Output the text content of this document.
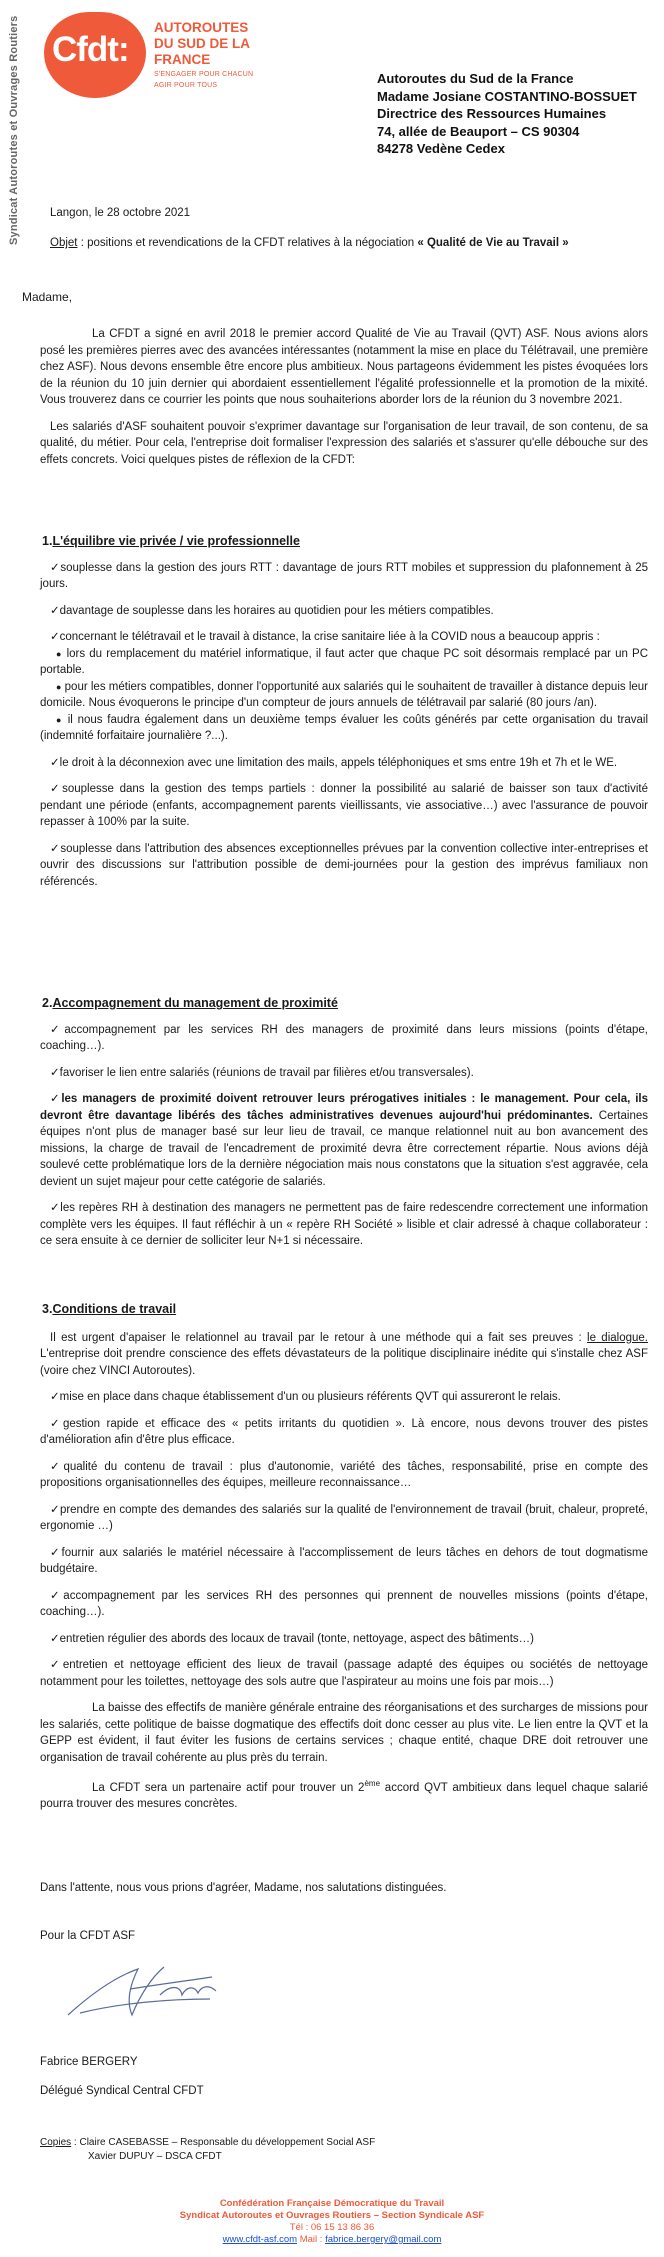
Syndicat Autoroutes et Ouvrages Routiers Cfdt:
AUTOROUTES
DU SUD DE LA FRANCE
S'ENGAGER POUR CHACUN
AGIR POUR TOUS	Autoroutes du Sud de la France
Madame Josiane COSTANTINO-BOSSUET
Directrice des Ressources Humaines
74, allée de Beauport – CS 90304
84278 Vedène Cedex
Langon, le 28 octobre 2021
Objet : positions et revendications de la CFDT relatives à la négociation « Qualité de Vie au Travail »
Madame,

La CFDT a signé en avril 2018 le premier accord Qualité de Vie au Travail (QVT) ASF. Nous avions alors posé les premières pierres avec des avancées intéressantes (notamment la mise en place du Télétravail, une première chez ASF). Nous devons ensemble être encore plus ambitieux. Nous partageons évidemment les pistes évoquées lors de la réunion du 10 juin dernier qui abordaient essentiellement l'égalité professionnelle et la promotion de la mixité. Vous trouverez dans ce courrier les points que nous souhaiterions aborder lors de la réunion du 3 novembre 2021.

Les salariés d'ASF souhaitent pouvoir s'exprimer davantage sur l'organisation de leur travail, de son contenu, de sa qualité, du métier. Pour cela, l'entreprise doit formaliser l'expression des salariés et s'assurer qu'elle débouche sur des effets concrets. Voici quelques pistes de réflexion de la CFDT:

1.L'équilibre vie privée / vie professionnelle

✓souplesse dans la gestion des jours RTT : davantage de jours RTT mobiles et suppression du plafonnement à 25 jours.

✓davantage de souplesse dans les horaires au quotidien pour les métiers compatibles.

✓concernant le télétravail et le travail à distance, la crise sanitaire liée à la COVID nous a beaucoup appris :

● lors du remplacement du matériel informatique, il faut acter que chaque PC soit désormais remplacé par un PC portable.

● pour les métiers compatibles, donner l'opportunité aux salariés qui le souhaitent de travailler à distance depuis leur domicile. Nous évoquerons le principe d'un compteur de jours annuels de télétravail par salarié (80 jours /an).

● il nous faudra également dans un deuxième temps évaluer les coûts générés par cette organisation du travail (indemnité forfaitaire journalière ?...).

✓le droit à la déconnexion avec une limitation des mails, appels téléphoniques et sms entre 19h et 7h et le WE.

✓souplesse dans la gestion des temps partiels : donner la possibilité au salarié de baisser son taux d'activité pendant une période (enfants, accompagnement parents vieillissants, vie associative…) avec l'assurance de pouvoir repasser à 100% par la suite.

✓souplesse dans l'attribution des absences exceptionnelles prévues par la convention collective inter-entreprises et ouvrir des discussions sur l'attribution possible de demi-journées pour la gestion des imprévus familiaux non référencés.

2.Accompagnement du management de proximité

✓accompagnement par les services RH des managers de proximité dans leurs missions (points d'étape, coaching…).

✓favoriser le lien entre salariés (réunions de travail par filières et/ou transversales).

✓les managers de proximité doivent retrouver leurs prérogatives initiales : le management. Pour cela, ils devront être davantage libérés des tâches administratives devenues aujourd'hui prédominantes. Certaines équipes n'ont plus de manager basé sur leur lieu de travail, ce manque relationnel nuit au bon avancement des missions, la charge de travail de l'encadrement de proximité devra être correctement répartie. Nous avions déjà soulevé cette problématique lors de la dernière négociation mais nous constatons que la situation s'est aggravée, cela devient un sujet majeur pour cette catégorie de salariés.

✓les repères RH à destination des managers ne permettent pas de faire redescendre correctement une information complète vers les équipes. Il faut réfléchir à un « repère RH Société » lisible et clair adressé à chaque collaborateur : ce sera ensuite à ce dernier de solliciter leur N+1 si nécessaire.

3.Conditions de travail

Il est urgent d'apaiser le relationnel au travail par le retour à une méthode qui a fait ses preuves : le dialogue. L'entreprise doit prendre conscience des effets dévastateurs de la politique disciplinaire inédite qui s'installe chez ASF (voire chez VINCI Autoroutes).

✓mise en place dans chaque établissement d'un ou plusieurs référents QVT qui assureront le relais.

✓gestion rapide et efficace des « petits irritants du quotidien ». Là encore, nous devons trouver des pistes d'amélioration afin d'être plus efficace.

✓qualité du contenu de travail : plus d'autonomie, variété des tâches, responsabilité, prise en compte des propositions organisationnelles des équipes, meilleure reconnaissance…

✓prendre en compte des demandes des salariés sur la qualité de l'environnement de travail (bruit, chaleur, propreté, ergonomie …)

✓fournir aux salariés le matériel nécessaire à l'accomplissement de leurs tâches en dehors de tout dogmatisme budgétaire.

✓accompagnement par les services RH des personnes qui prennent de nouvelles missions (points d'étape, coaching…).

✓entretien régulier des abords des locaux de travail (tonte, nettoyage, aspect des bâtiments…)

✓entretien et nettoyage efficient des lieux de travail (passage adapté des équipes ou sociétés de nettoyage notamment pour les toilettes, nettoyage des sols autre que l'aspirateur au moins une fois par mois…)

La baisse des effectifs de manière générale entraine des réorganisations et des surcharges de missions pour les salariés, cette politique de baisse dogmatique des effectifs doit donc cesser au plus vite. Le lien entre la QVT et la GEPP est évident, il faut éviter les fusions de certains services ; chaque entité, chaque DRE doit retrouver une organisation de travail cohérente au plus près du terrain.

La CFDT sera un partenaire actif pour trouver un 2ème accord QVT ambitieux dans lequel chaque salarié pourra trouver des mesures concrètes.

Dans l'attente, nous vous prions d'agréer, Madame, nos salutations distinguées.

Pour la CFDT ASF
Fabrice BERGERY
Délégué Syndical Central CFDT
Copies : Claire CASEBASSE – Responsable du développement Social ASF
Xavier DUPUY – DSCA CFDT
Confédération Française Démocratique du Travail
Syndicat Autoroutes et Ouvrages Routiers – Section Syndicale ASF
Tél : 06 15 13 86 36
www.cfdt-asf.com Mail : fabrice.bergery@gmail.com
